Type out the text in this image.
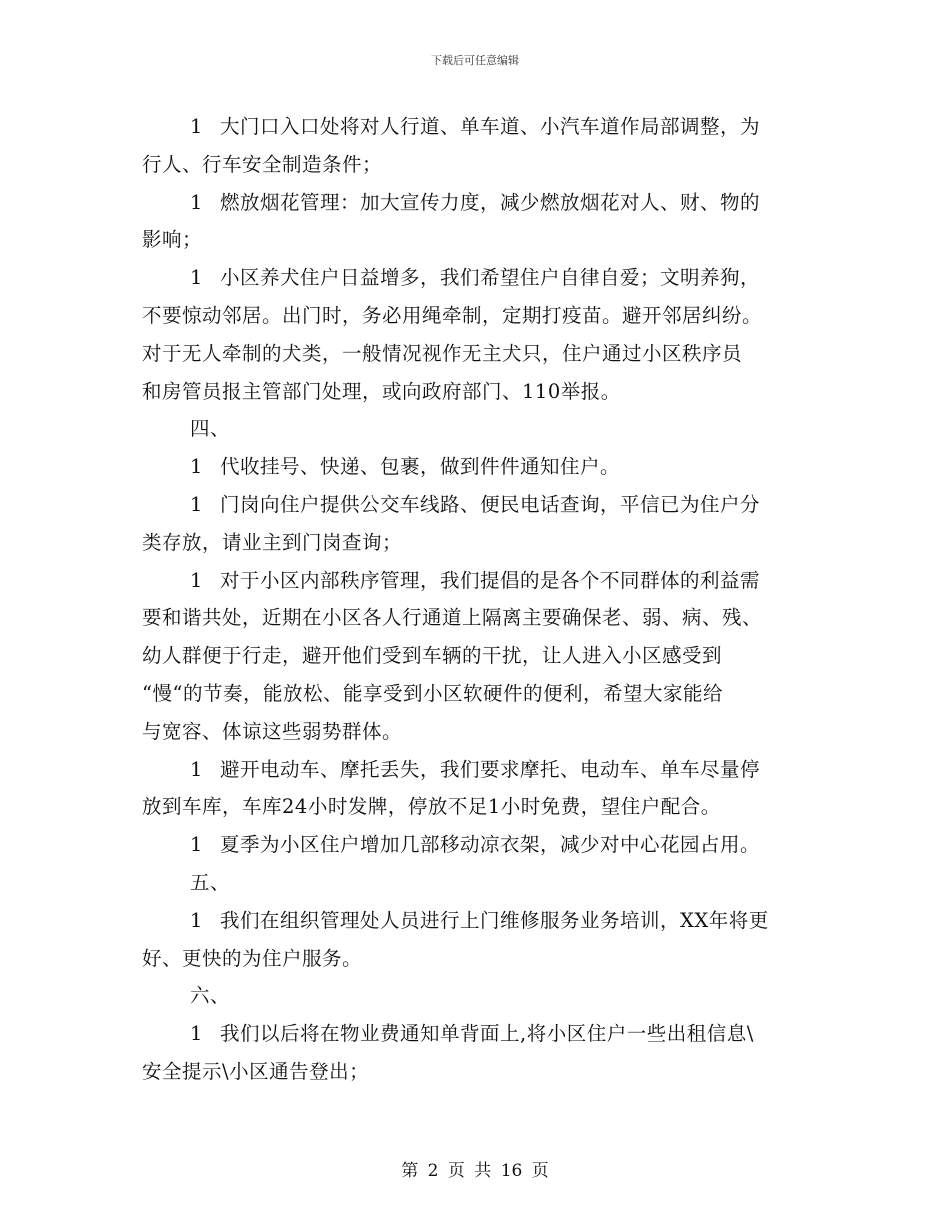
下载后可任意编辑
1 大门口入口处将对人行道、单车道、小汽车道作局部调整，为
行人、行车安全制造条件；
1 燃放烟花管理：加大宣传力度，减少燃放烟花对人、财、物的
影响；
1 小区养犬住户日益增多，我们希望住户自律自爱；文明养狗，
不要惊动邻居。出门时，务必用绳牵制，定期打疫苗。避开邻居纠纷。
对于无人牵制的犬类，一般情况视作无主犬只，住户通过小区秩序员
和房管员报主管部门处理，或向政府部门、110举报。
四、
1 代收挂号、快递、包裹，做到件件通知住户。
1 门岗向住户提供公交车线路、便民电话查询，平信已为住户分
类存放，请业主到门岗查询；
1 对于小区内部秩序管理，我们提倡的是各个不同群体的利益需
要和谐共处，近期在小区各人行通道上隔离主要确保老、弱、病、残、
幼人群便于行走，避开他们受到车辆的干扰，让人进入小区感受到
“慢“的节奏，能放松、能享受到小区软硬件的便利，希望大家能给
与宽容、体谅这些弱势群体。
1 避开电动车、摩托丢失，我们要求摩托、电动车、单车尽量停
放到车库，车库24小时发牌，停放不足1小时免费，望住户配合。
1 夏季为小区住户增加几部移动凉衣架，减少对中心花园占用。
五、
1 我们在组织管理处人员进行上门维修服务业务培训，XX年将更
好、更快的为住户服务。
六、
1 我们以后将在物业费通知单背面上,将小区住户一些出租信息\
安全提示\小区通告登出；
第 2 页 共 16 页
